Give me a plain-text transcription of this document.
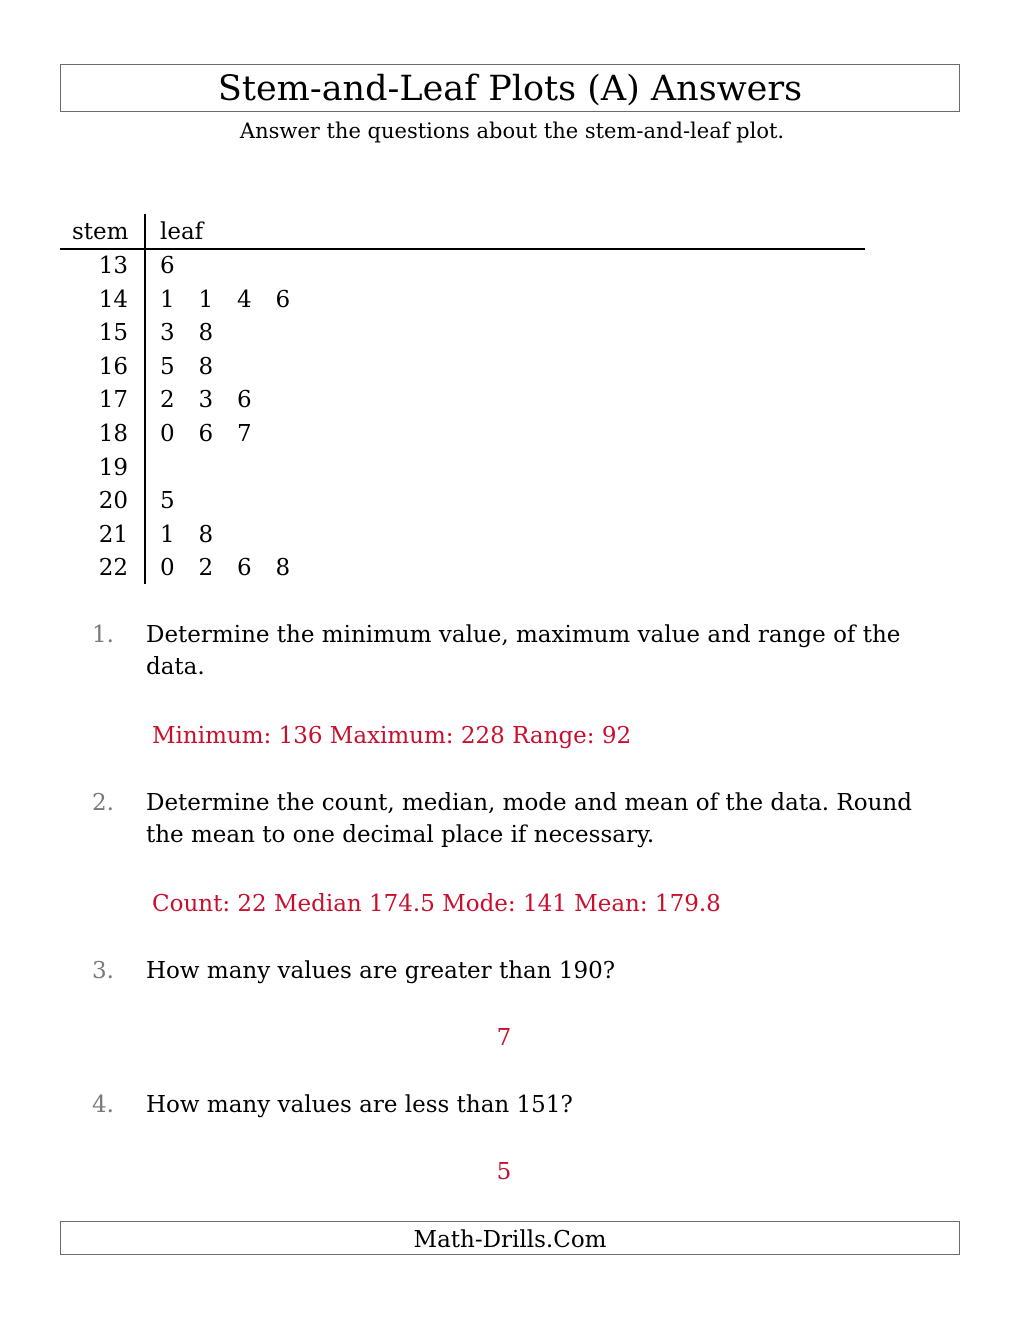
Stem-and-Leaf Plots (A) Answers
Answer the questions about the stem-and-leaf plot.
stem leaf
13 6
14 1 1 4 6
15 3 8
16 5 8
17 2 3 6
18 0 6 7
19
20 5
21 1 8
22 0 2 6 8
1. Determine the minimum value, maximum value and range of the data.
Minimum: 136 Maximum: 228 Range: 92
2. Determine the count, median, mode and mean of the data. Round the mean to one decimal place if necessary.
Count: 22 Median 174.5 Mode: 141 Mean: 179.8
3. How many values are greater than 190?
7
4. How many values are less than 151?
5
Math-Drills.Com
